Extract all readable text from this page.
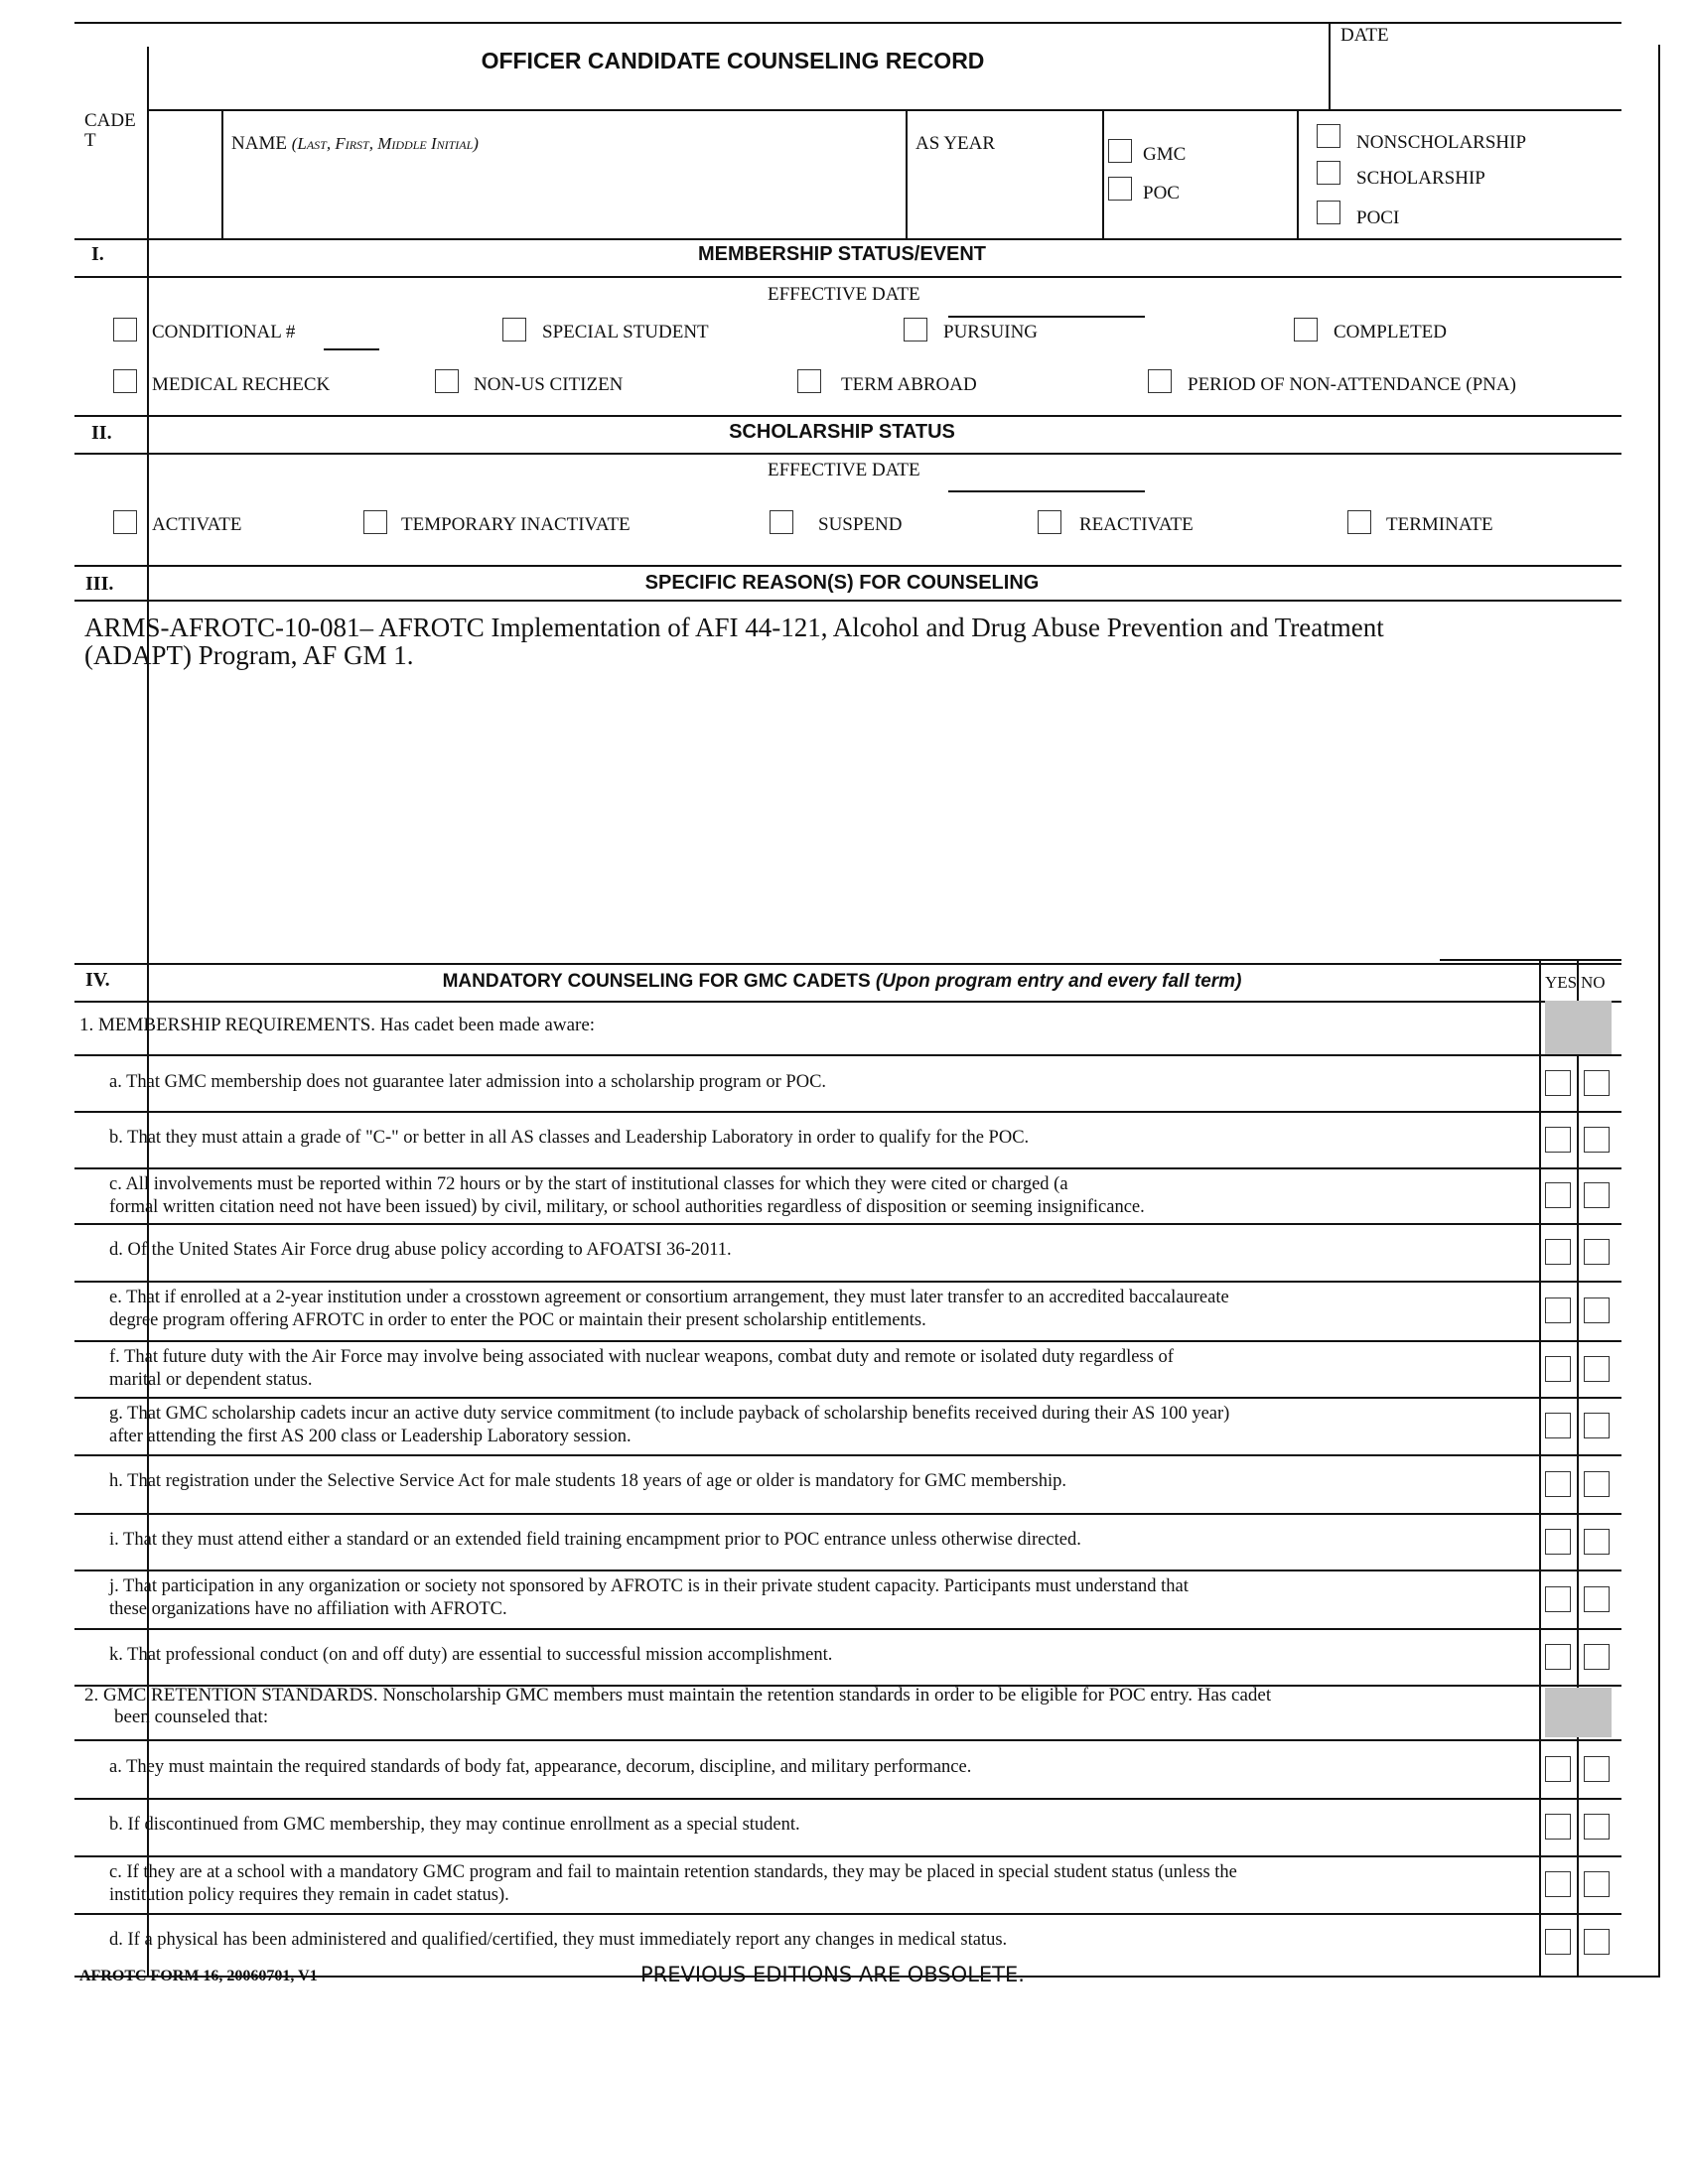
OFFICER CANDIDATE COUNSELING RECORD
DATE
CADE
T	NAME (Last, First, Middle Initial)	AS YEAR
GMC
POC
NONSCHOLARSHIP
SCHOLARSHIP
POCI
I.	MEMBERSHIP STATUS/EVENT
EFFECTIVE DATE
CONDITIONAL #	SPECIAL STUDENT	PURSUING	COMPLETED
MEDICAL RECHECK	NON-US CITIZEN	TERM ABROAD	PERIOD OF NON-ATTENDANCE (PNA)
II.	SCHOLARSHIP STATUS
EFFECTIVE DATE
ACTIVATE	TEMPORARY INACTIVATE	SUSPEND	REACTIVATE	TERMINATE
III.	SPECIFIC REASON(S) FOR COUNSELING
ARMS-AFROTC-10-081– AFROTC Implementation of AFI 44-121, Alcohol and Drug Abuse Prevention and Treatment
(ADAPT) Program, AF GM 1.
IV.	MANDATORY COUNSELING FOR GMC CADETS (Upon program entry and every fall term)	YES NO
1. MEMBERSHIP REQUIREMENTS. Has cadet been made aware:
a. That GMC membership does not guarantee later admission into a scholarship program or POC.
b. That they must attain a grade of "C-" or better in all AS classes and Leadership Laboratory in order to qualify for the POC.
c. All involvements must be reported within 72 hours or by the start of institutional classes for which they were cited or charged (a
formal written citation need not have been issued) by civil, military, or school authorities regardless of disposition or seeming insignificance.
d. Of the United States Air Force drug abuse policy according to AFOATSI 36-2011.
e. That if enrolled at a 2-year institution under a crosstown agreement or consortium arrangement, they must later transfer to an accredited baccalaureate
degree program offering AFROTC in order to enter the POC or maintain their present scholarship entitlements.
f. That future duty with the Air Force may involve being associated with nuclear weapons, combat duty and remote or isolated duty regardless of
marital or dependent status.
g. That GMC scholarship cadets incur an active duty service commitment (to include payback of scholarship benefits received during their AS 100 year)
after attending the first AS 200 class or Leadership Laboratory session.
h. That registration under the Selective Service Act for male students 18 years of age or older is mandatory for GMC membership.
i. That they must attend either a standard or an extended field training encampment prior to POC entrance unless otherwise directed.
j. That participation in any organization or society not sponsored by AFROTC is in their private student capacity. Participants must understand that
these organizations have no affiliation with AFROTC.
k. That professional conduct (on and off duty) are essential to successful mission accomplishment.
2. GMC RETENTION STANDARDS. Nonscholarship GMC members must maintain the retention standards in order to be eligible for POC entry. Has cadet
been counseled that:
a. They must maintain the required standards of body fat, appearance, decorum, discipline, and military performance.
b. If discontinued from GMC membership, they may continue enrollment as a special student.
c. If they are at a school with a mandatory GMC program and fail to maintain retention standards, they may be placed in special student status (unless the
institution policy requires they remain in cadet status).
d. If a physical has been administered and qualified/certified, they must immediately report any changes in medical status.
AFROTC FORM 16, 20060701, V1	PREVIOUS EDITIONS ARE OBSOLETE.
